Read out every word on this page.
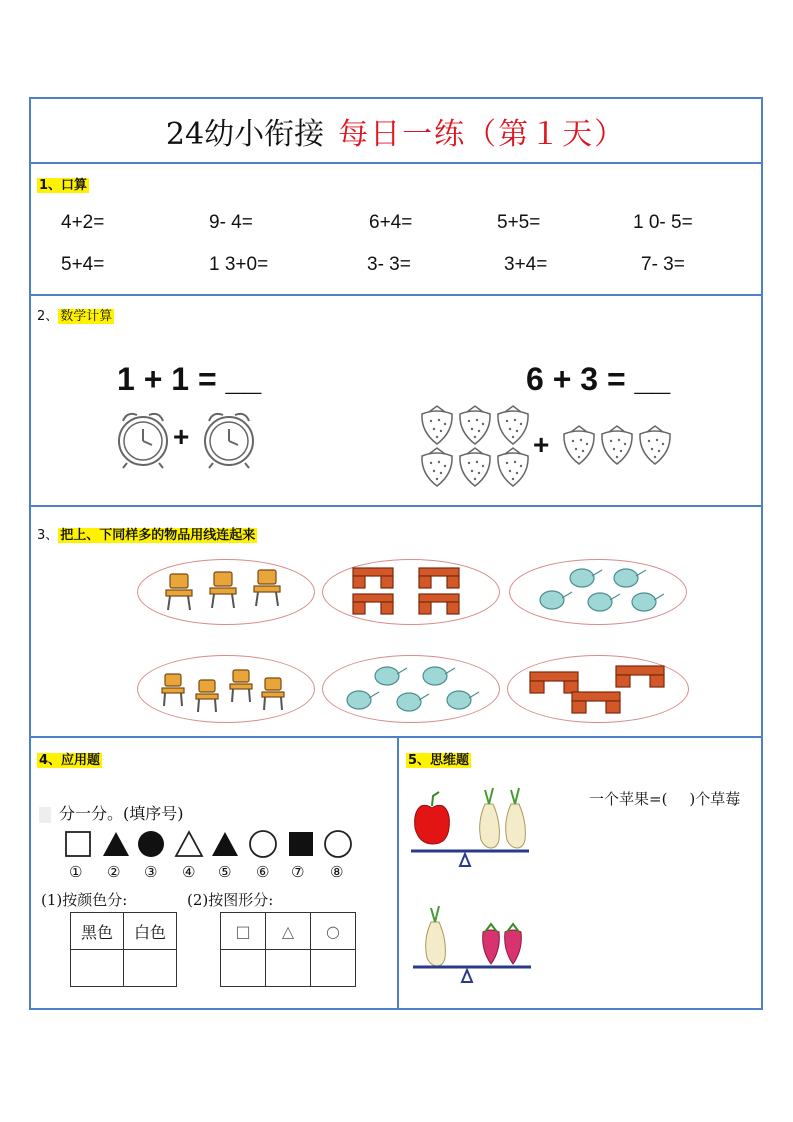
24幼小衔接 每日一练（第１天）
1、口算
4+2=	9- 4=	6+4=	5+5=	1 0- 5=
5+4=	1 3+0=	3- 3=	3+4=	7- 3=
2、 数学计算
1 + 1 = __	6 + 3 = __
+	+
3、 把上、下同样多的物品用线连起来
4、应用题
分一分。(填序号)
① ② ③ ④ ⑤ ⑥ ⑦ ⑧
(1)按颜色分:	(2)按图形分:
黑色	白色
		□	△	○

5、思维题
一个苹果=( )个草莓
